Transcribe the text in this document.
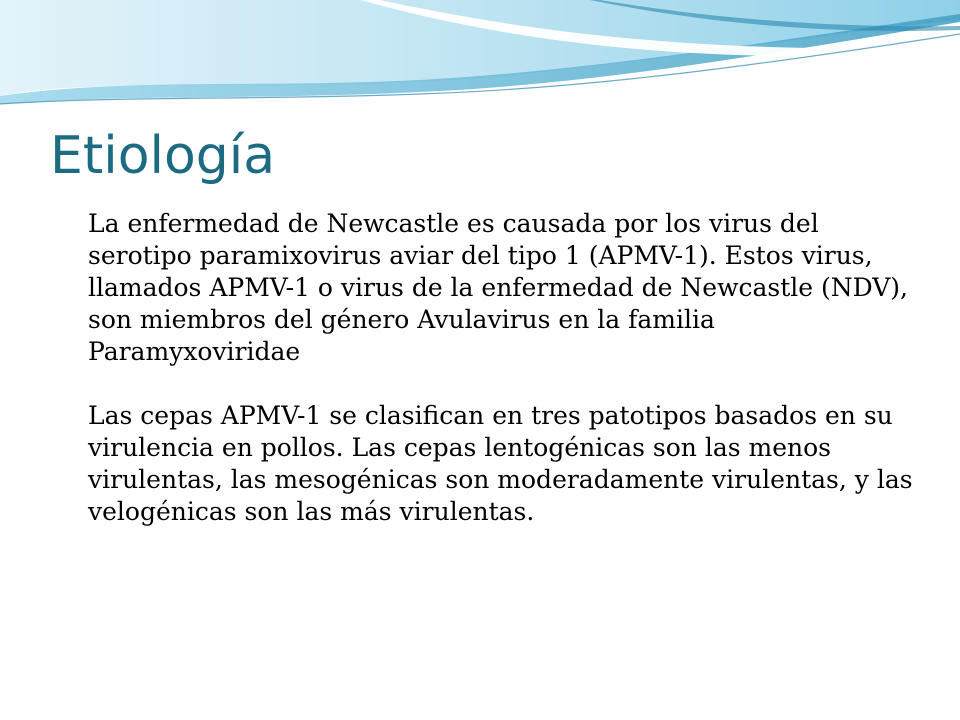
Etiología

La enfermedad de Newcastle es causada por los virus del serotipo paramixovirus aviar del tipo 1 (APMV-1). Estos virus, llamados APMV-1 o virus de la enfermedad de Newcastle (NDV), son miembros del género Avulavirus en la familia Paramyxoviridae

Las cepas APMV-1 se clasifican en tres patotipos basados en su virulencia en pollos. Las cepas lentogénicas son las menos virulentas, las mesogénicas son moderadamente virulentas, y las velogénicas son las más virulentas.
